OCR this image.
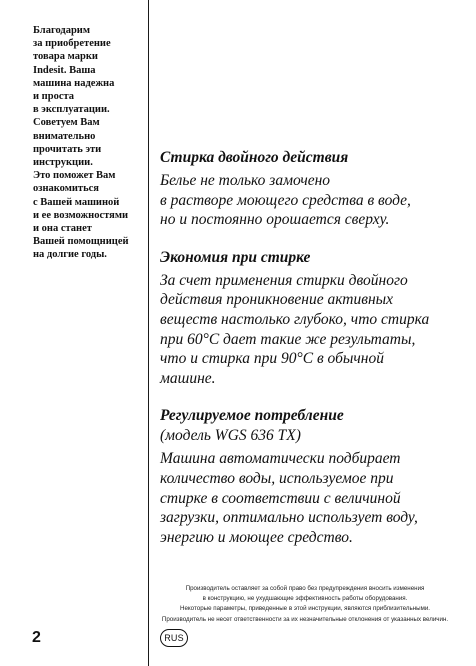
Благодарим
за приобретение
товара марки
Indesit. Ваша
машина надежна
и проста
в эксплуатации.
Советуем Вам
внимательно
прочитать эти
инструкции.
Это поможет Вам
ознакомиться
с Вашей машиной
и ее возможностями
и она станет
Вашей помощницей
на долгие годы.

Стирка двойного действия

Белье не только замочено
в растворе моющего средства в воде,
но и постоянно орошается сверху.

Экономия при стирке

За счет применения стирки двойного
действия проникновение активных
веществ настолько глубоко, что стирка
при 60°C дает такие же результаты,
что и стирка при 90°C в обычной
машине.

Регулируемое потребление

(модель WGS 636 TX)

Машина автоматически подбирает
количество воды, используемое при
стирке в соответствии с величиной
загрузки, оптимально использует воду,
энергию и моющее средство.
Производитель оставляет за собой право без предупреждения вносить изменения
в конструкцию, не ухудшающие эффективность работы оборудования.
Некоторые параметры, приведенные в этой инструкции, являются приблизительными.
Производитель не несет ответственности за их незначительные отклонения от указанных величин.
2	RUS
